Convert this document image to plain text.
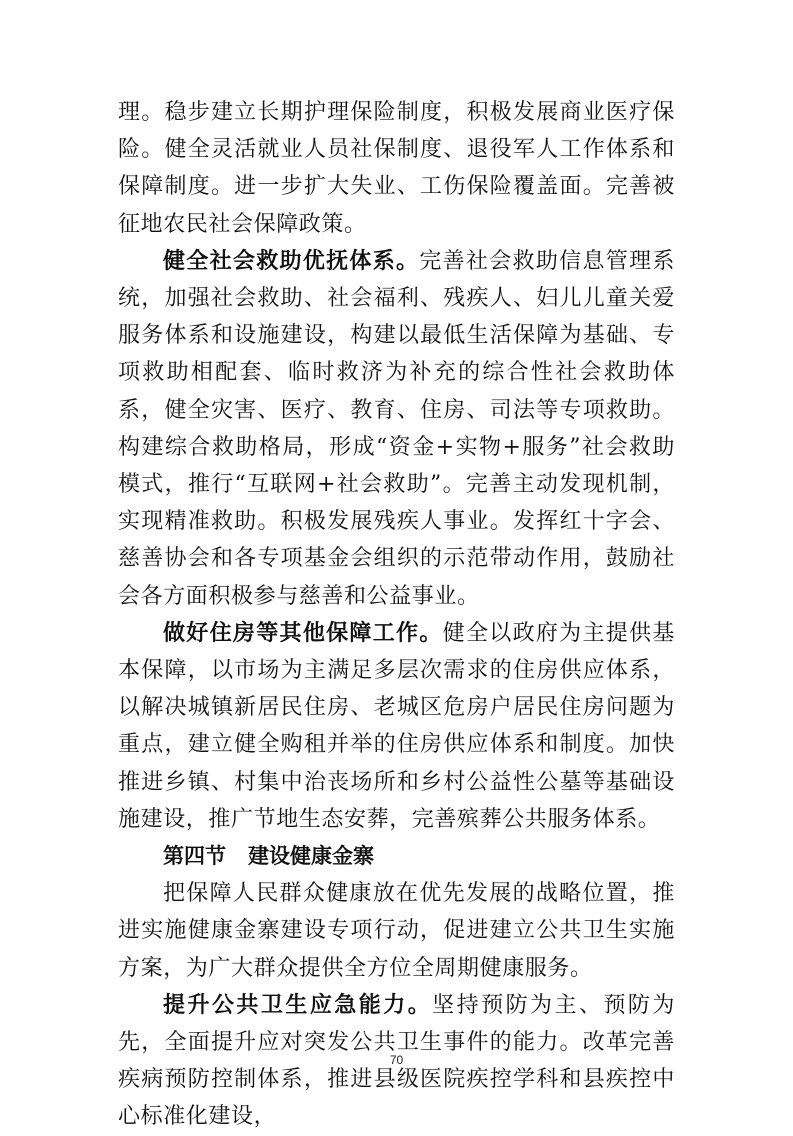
理。稳步建立长期护理保险制度，积极发展商业医疗保险。健全灵活就业人员社保制度、退役军人工作体系和保障制度。进一步扩大失业、工伤保险覆盖面。完善被征地农民社会保障政策。

健全社会救助优抚体系。完善社会救助信息管理系统，加强社会救助、社会福利、残疾人、妇儿儿童关爱服务体系和设施建设，构建以最低生活保障为基础、专项救助相配套、临时救济为补充的综合性社会救助体系，健全灾害、医疗、教育、住房、司法等专项救助。构建综合救助格局，形成“资金+实物+服务”社会救助模式，推行“互联网+社会救助”。完善主动发现机制，实现精准救助。积极发展残疾人事业。发挥红十字会、慈善协会和各专项基金会组织的示范带动作用，鼓励社会各方面积极参与慈善和公益事业。

做好住房等其他保障工作。健全以政府为主提供基本保障，以市场为主满足多层次需求的住房供应体系，以解决城镇新居民住房、老城区危房户居民住房问题为重点，建立健全购租并举的住房供应体系和制度。加快推进乡镇、村集中治丧场所和乡村公益性公墓等基础设施建设，推广节地生态安葬，完善殡葬公共服务体系。

第四节 建设健康金寨

把保障人民群众健康放在优先发展的战略位置，推进实施健康金寨建设专项行动，促进建立公共卫生实施方案，为广大群众提供全方位全周期健康服务。

提升公共卫生应急能力。坚持预防为主、预防为先，全面提升应对突发公共卫生事件的能力。改革完善疾病预防控制体系，推进县级医院疾控学科和县疾控中心标准化建设，

70
